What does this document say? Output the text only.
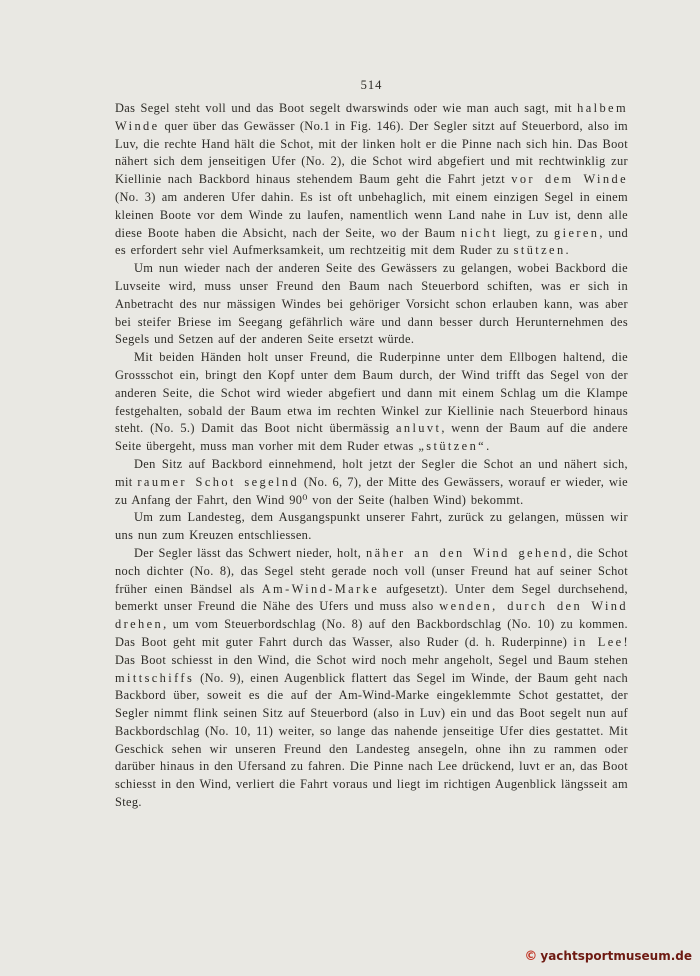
514

Das Segel steht voll und das Boot segelt dwarswinds oder wie man auch sagt, mit halbem Winde quer über das Gewässer (No.1 in Fig. 146). Der Segler sitzt auf Steuerbord, also im Luv, die rechte Hand hält die Schot, mit der linken holt er die Pinne nach sich hin. Das Boot nähert sich dem jenseitigen Ufer (No. 2), die Schot wird abgefiert und mit rechtwinklig zur Kiellinie nach Backbord hinaus stehendem Baum geht die Fahrt jetzt vor dem Winde (No. 3) am anderen Ufer dahin. Es ist oft unbehaglich, mit einem einzigen Segel in einem kleinen Boote vor dem Winde zu laufen, namentlich wenn Land nahe in Luv ist, denn alle diese Boote haben die Absicht, nach der Seite, wo der Baum nicht liegt, zu gieren, und es erfordert sehr viel Aufmerksamkeit, um rechtzeitig mit dem Ruder zu stützen.

Um nun wieder nach der anderen Seite des Gewässers zu gelangen, wobei Backbord die Luvseite wird, muss unser Freund den Baum nach Steuerbord schiften, was er sich in Anbetracht des nur mässigen Windes bei gehöriger Vorsicht schon erlauben kann, was aber bei steifer Briese im Seegang gefährlich wäre und dann besser durch Herunternehmen des Segels und Setzen auf der anderen Seite ersetzt würde.

Mit beiden Händen holt unser Freund, die Ruderpinne unter dem Ellbogen haltend, die Grossschot ein, bringt den Kopf unter dem Baum durch, der Wind trifft das Segel von der anderen Seite, die Schot wird wieder abgefiert und dann mit einem Schlag um die Klampe festgehalten, sobald der Baum etwa im rechten Winkel zur Kiellinie nach Steuerbord hinaus steht. (No. 5.) Damit das Boot nicht übermässig anluvt, wenn der Baum auf die andere Seite übergeht, muss man vorher mit dem Ruder etwas „stützen“.

Den Sitz auf Backbord einnehmend, holt jetzt der Segler die Schot an und nähert sich, mit raumer Schot segelnd (No. 6, 7), der Mitte des Gewässers, worauf er wieder, wie zu Anfang der Fahrt, den Wind 90⁰ von der Seite (halben Wind) bekommt.

Um zum Landesteg, dem Ausgangspunkt unserer Fahrt, zurück zu gelangen, müssen wir uns nun zum Kreuzen entschliessen.

Der Segler lässt das Schwert nieder, holt, näher an den Wind gehend, die Schot noch dichter (No. 8), das Segel steht gerade noch voll (unser Freund hat auf seiner Schot früher einen Bändsel als Am-Wind-Marke aufgesetzt). Unter dem Segel durchsehend, bemerkt unser Freund die Nähe des Ufers und muss also wenden, durch den Wind drehen, um vom Steuerbordschlag (No. 8) auf den Backbordschlag (No. 10) zu kommen. Das Boot geht mit guter Fahrt durch das Wasser, also Ruder (d. h. Ruderpinne) in Lee! Das Boot schiesst in den Wind, die Schot wird noch mehr angeholt, Segel und Baum stehen mittschiffs (No. 9), einen Augenblick flattert das Segel im Winde, der Baum geht nach Backbord über, soweit es die auf der Am-Wind-Marke eingeklemmte Schot gestattet, der Segler nimmt flink seinen Sitz auf Steuerbord (also in Luv) ein und das Boot segelt nun auf Backbordschlag (No. 10, 11) weiter, so lange das nahende jenseitige Ufer dies gestattet. Mit Geschick sehen wir unseren Freund den Landesteg ansegeln, ohne ihn zu rammen oder darüber hinaus in den Ufersand zu fahren. Die Pinne nach Lee drückend, luvt er an, das Boot schiesst in den Wind, verliert die Fahrt voraus und liegt im richtigen Augenblick längsseit am Steg.

© yachtsportmuseum.de
